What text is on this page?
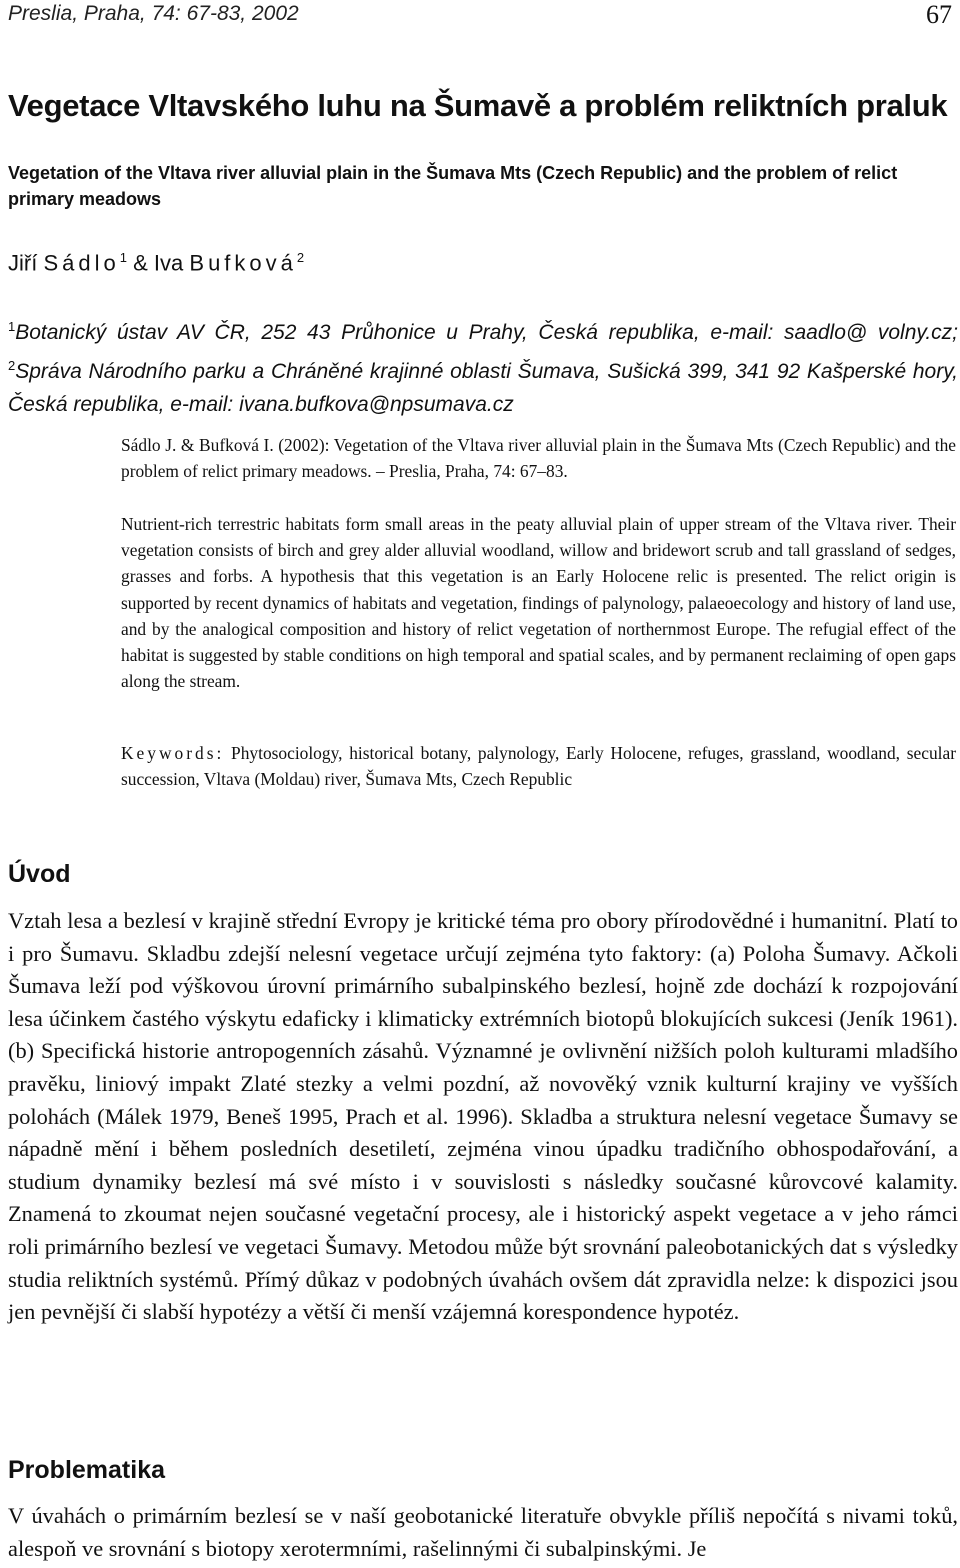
Preslia, Praha, 74: 67-83, 2002	67
Vegetace Vltavského luhu na Šumavě a problém reliktních praluk
Vegetation of the Vltava river alluvial plain in the Šumava Mts (Czech Republic) and the problem of relict primary meadows
Jiří Sádlo$^1$ & Iva Bufková$^2$
$^1$Botanický ústav AV ČR, 252 43 Průhonice u Prahy, Česká republika, e-mail: saadlo@ volny.cz; $^2$Správa Národního parku a Chráněné krajinné oblasti Šumava, Sušická 399, 341 92 Kašperské hory, Česká republika, e-mail: ivana.bufkova@npsumava.cz
Sádlo J. & Bufková I. (2002): Vegetation of the Vltava river alluvial plain in the Šumava Mts (Czech Republic) and the problem of relict primary meadows. – Preslia, Praha, 74: 67–83.
Nutrient-rich terrestric habitats form small areas in the peaty alluvial plain of upper stream of the Vltava river. Their vegetation consists of birch and grey alder alluvial woodland, willow and bridewort scrub and tall grassland of sedges, grasses and forbs. A hypothesis that this vegetation is an Early Holocene relic is presented. The relict origin is supported by recent dynamics of habitats and vegetation, findings of palynology, palaeoecology and history of land use, and by the analogical composition and history of relict vegetation of northernmost Europe. The refugial effect of the habitat is suggested by stable conditions on high temporal and spatial scales, and by permanent reclaiming of open gaps along the stream.
Keywords: Phytosociology, historical botany, palynology, Early Holocene, refuges, grassland, woodland, secular succession, Vltava (Moldau) river, Šumava Mts, Czech Republic
Úvod

Vztah lesa a bezlesí v krajině střední Evropy je kritické téma pro obory přírodovědné i humanitní. Platí to i pro Šumavu. Skladbu zdejší nelesní vegetace určují zejména tyto faktory: (a) Poloha Šumavy. Ačkoli Šumava leží pod výškovou úrovní primárního subalpinského bezlesí, hojně zde dochází k rozpojování lesa účinkem častého výskytu edaficky i klimaticky extrémních biotopů blokujících sukcesi (Jeník 1961). (b) Specifická historie antropogenních zásahů. Významné je ovlivnění nižších poloh kulturami mladšího pravěku, liniový impakt Zlaté stezky a velmi pozdní, až novověký vznik kulturní krajiny ve vyšších polohách (Málek 1979, Beneš 1995, Prach et al. 1996). Skladba a struktura nelesní vegetace Šumavy se nápadně mění i během posledních desetiletí, zejména vinou úpadku tradičního obhospodařování, a studium dynamiky bezlesí má své místo i v souvislosti s následky současné kůrovcové kalamity. Znamená to zkoumat nejen současné vegetační procesy, ale i historický aspekt vegetace a v jeho rámci roli primárního bezlesí ve vegetaci Šumavy. Metodou může být srovnání paleobotanických dat s výsledky studia reliktních systémů. Přímý důkaz v podobných úvahách ovšem dát zpravidla nelze: k dispozici jsou jen pevnější či slabší hypotézy a větší či menší vzájemná korespondence hypotéz.

Problematika

V úvahách o primárním bezlesí se v naší geobotanické literatuře obvykle příliš nepočítá s nivami toků, alespoň ve srovnání s biotopy xerotermními, rašelinnými či subalpinskými. Je
